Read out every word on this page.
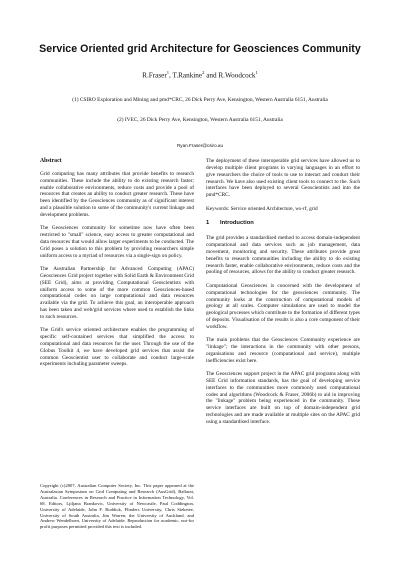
Service Oriented grid Architecture for Geosciences Community
R.Fraser$^1$, T.Rankine$^2$ and R.Woodcock$^1$
(1) CSIRO Exploration and Mining and pmd*CRC, 26 Dick Perry Ave, Kensington, Western Australia 6151, Australia
(2) IVEC, 26 Dick Perry Ave, Kensington, Western Australia 6151, Australia
Ryan.Fraser@csiro.au
Abstract

Grid computing has many attributes that provide benefits to research communities. These include the ability to do existing research faster; enable collaborative environments, reduce costs and provide a pool of resources that creates an ability to conduct greater research. These have been identified by the Geosciences community as of significant interest and a plausible solution to some of the community's current linkage and development problems.

The Geosciences community for sometime now have often been restricted to "small" science, easy access to greater computational and data resources that would allow larger experiments to be conducted. The Grid poses a solution to this problem by providing researchers simple uniform access to a myriad of resources via a single-sign on policy.

The Australian Partnership for Advanced Computing (APAC) Geosciences Grid project together with Solid Earth & Environment Grid (SEE Grid), aims at providing Computational Geoscientists with uniform access to some of the more common Geosciences-based computational codes on large computational and data resources available via the grid. To achieve this goal, an interoperable approach has been taken and web/grid services where used to establish the links to such resources.

The Grid's service oriented architecture enables the programming of specific self-contained services that simplified the access to computational and data resources for the user. Through the use of the Globus Toolkit 4, we have developed grid services that assist the common Geoscientist user to collaborate and conduct large-scale experiments including parameter sweeps.

Copyright (c)2007, Australian Computer Society, Inc. This paper appeared at the Australasian Symposium on Grid Computing and Research (AusGrid), Ballarat, Australia. Conferences in Research and Practice in Information Technology, Vol. 68. Editors, Ljiljana Brankovic, University of Newcastle, Paul Coddington, University of Adelaide, John F. Roddick, Flinders University, Chris Steketee, University of South Australia, Jim Warren, the University of Auckland, and Andrew Wendelborn, University of Adelaide. Reproduction for academic, not-for profit purposes permitted provided this text is included.

The deployment of these interoperable grid services have allowed us to develop multiple client programs in varying languages in an effort to give researchers the choice of tools to use to interact and conduct their research. We have also used existing client tools to connect to the. Such interfaces have been deployed to several Geoscientists and into the pmd*CRC.

Keywords: Service oriented Architecture, ws-rf, grid

1 Introduction

The grid provides a standardised method to access domain-independent computational and data services such as job management, data movement, monitoring and security. These attributes provide great benefits to research communities including the ability to do existing research faster, enable collaborative environments, reduce costs and the pooling of resources, allows for the ability to conduct greater research.

Computational Geosciences is concerned with the development of computational technologies for the geosciences community. The community looks at the construction of computational models of geology at all scales. Computer simulations are used to model the geological processes which contribute to the formation of different types of deposits. Visualisation of the results is also a core component of their workflow.

The main problems that the Geosciences Community experience are "linkage"; the interactions in the community with other persons, organisations and resource (computational and service), multiple inefficiencies exist here.

The Geosciences support project in the APAC grid programs along with SEE Grid information standards, has the goal of developing service interfaces to the communities more commonly used computational codes and algorithms (Woodcock & Fraser, 2006b) to aid in improving the "linkage" problem being experienced in the community. These service interfaces are built on top of domain-independent grid technologies and are made available at multiple sites on the APAC grid using a standardised interface.
